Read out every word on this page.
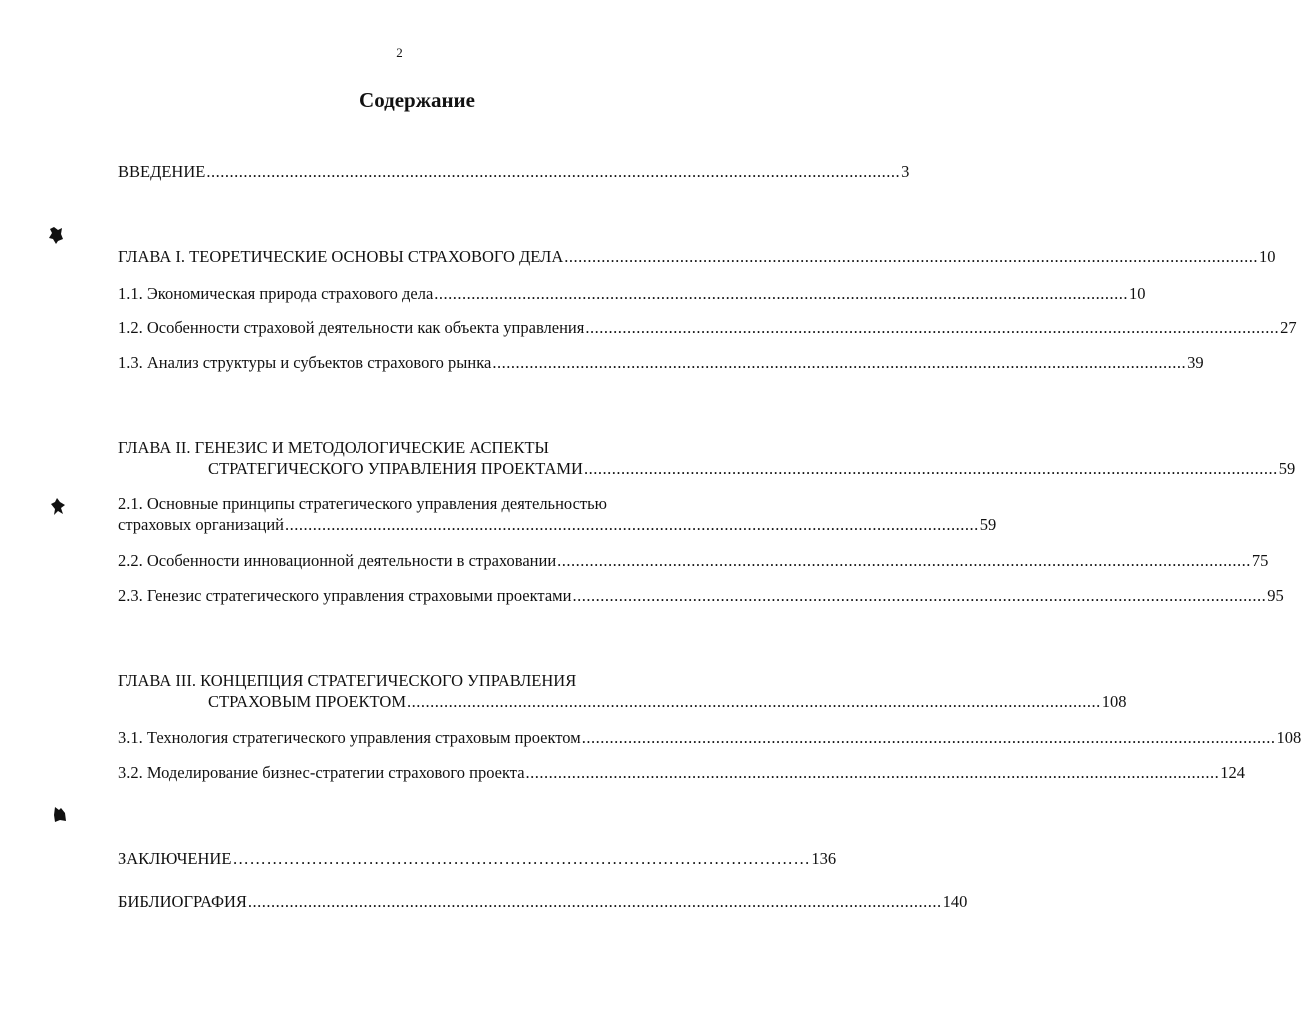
2
Содержание
ВВЕДЕНИЕ ...................................................................................................................................................... 3
ГЛАВА I. ТЕОРЕТИЧЕСКИЕ ОСНОВЫ СТРАХОВОГО ДЕЛА ...................................................................................................................................................... 10
1.1. Экономическая природа страхового дела ...................................................................................................................................................... 10
1.2. Особенности страховой деятельности как объекта управления ...................................................................................................................................................... 27
1.3. Анализ структуры и субъектов страхового рынка ...................................................................................................................................................... 39
ГЛАВА II. ГЕНЕЗИС И МЕТОДОЛОГИЧЕСКИЕ АСПЕКТЫ
СТРАТЕГИЧЕСКОГО УПРАВЛЕНИЯ ПРОЕКТАМИ ...................................................................................................................................................... 59
2.1. Основные принципы стратегического управления деятельностью
страховых организаций ...................................................................................................................................................... 59
2.2. Особенности инновационной деятельности в страховании ...................................................................................................................................................... 75
2.3. Генезис стратегического управления страховыми проектами ...................................................................................................................................................... 95
ГЛАВА III. КОНЦЕПЦИЯ СТРАТЕГИЧЕСКОГО УПРАВЛЕНИЯ
СТРАХОВЫМ ПРОЕКТОМ ...................................................................................................................................................... 108
3.1. Технология стратегического управления страховым проектом ...................................................................................................................................................... 108
3.2. Моделирование бизнес-стратегии страхового проекта ...................................................................................................................................................... 124
ЗАКЛЮЧЕНИЕ ………………………………………………………………………………………… 136
БИБЛИОГРАФИЯ ...................................................................................................................................................... 140
